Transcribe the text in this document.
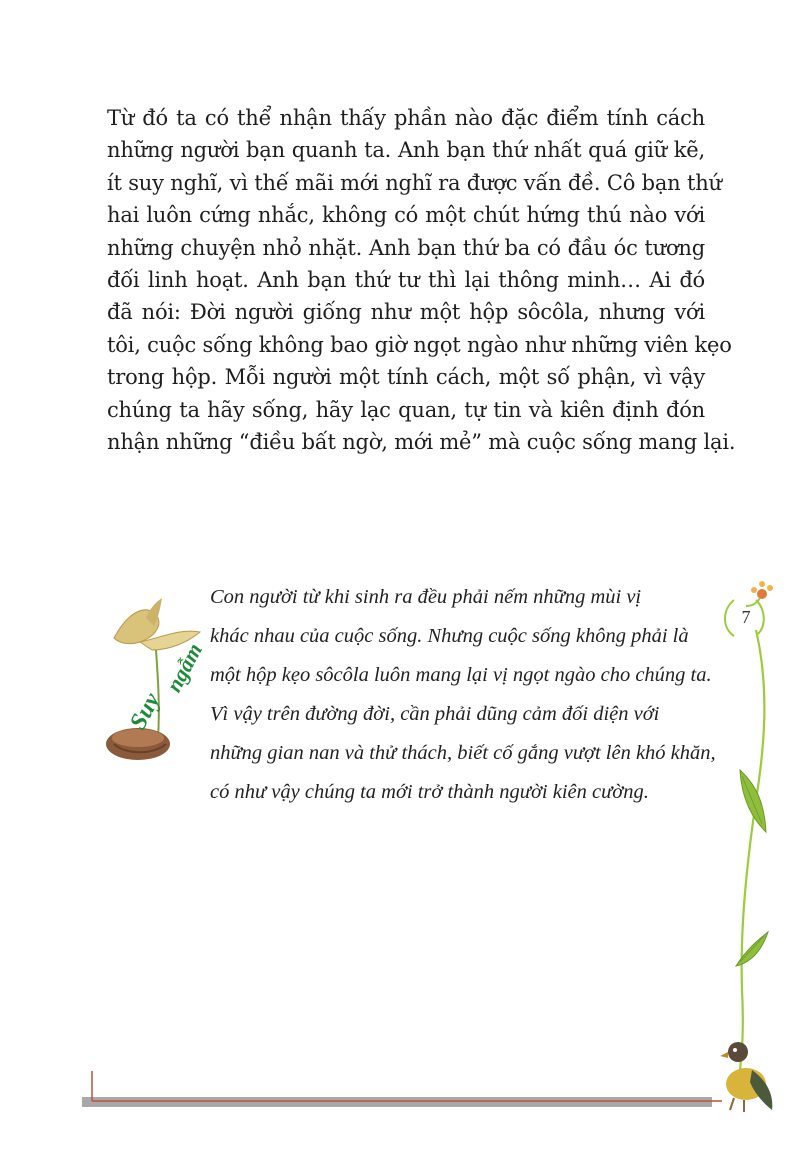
Từ đó ta có thể nhận thấy phần nào đặc điểm tính cách
những người bạn quanh ta. Anh bạn thứ nhất quá giữ kẽ,
ít suy nghĩ, vì thế mãi mới nghĩ ra được vấn đề. Cô bạn thứ
hai luôn cứng nhắc, không có một chút hứng thú nào với
những chuyện nhỏ nhặt. Anh bạn thứ ba có đầu óc tương
đối linh hoạt. Anh bạn thứ tư thì lại thông minh… Ai đó
đã nói: Đời người giống như một hộp sôcôla, nhưng với
tôi, cuộc sống không bao giờ ngọt ngào như những viên kẹo
trong hộp. Mỗi người một tính cách, một số phận, vì vậy
chúng ta hãy sống, hãy lạc quan, tự tin và kiên định đón
nhận những “điều bất ngờ, mới mẻ” mà cuộc sống mang lại.

Suy
ngẫm

Con người từ khi sinh ra đều phải nếm những mùi vị
khác nhau của cuộc sống. Nhưng cuộc sống không phải là
một hộp kẹo sôcôla luôn mang lại vị ngọt ngào cho chúng ta.
Vì vậy trên đường đời, cần phải dũng cảm đối diện với
những gian nan và thử thách, biết cố gắng vượt lên khó khăn,
có như vậy chúng ta mới trở thành người kiên cường.

7
